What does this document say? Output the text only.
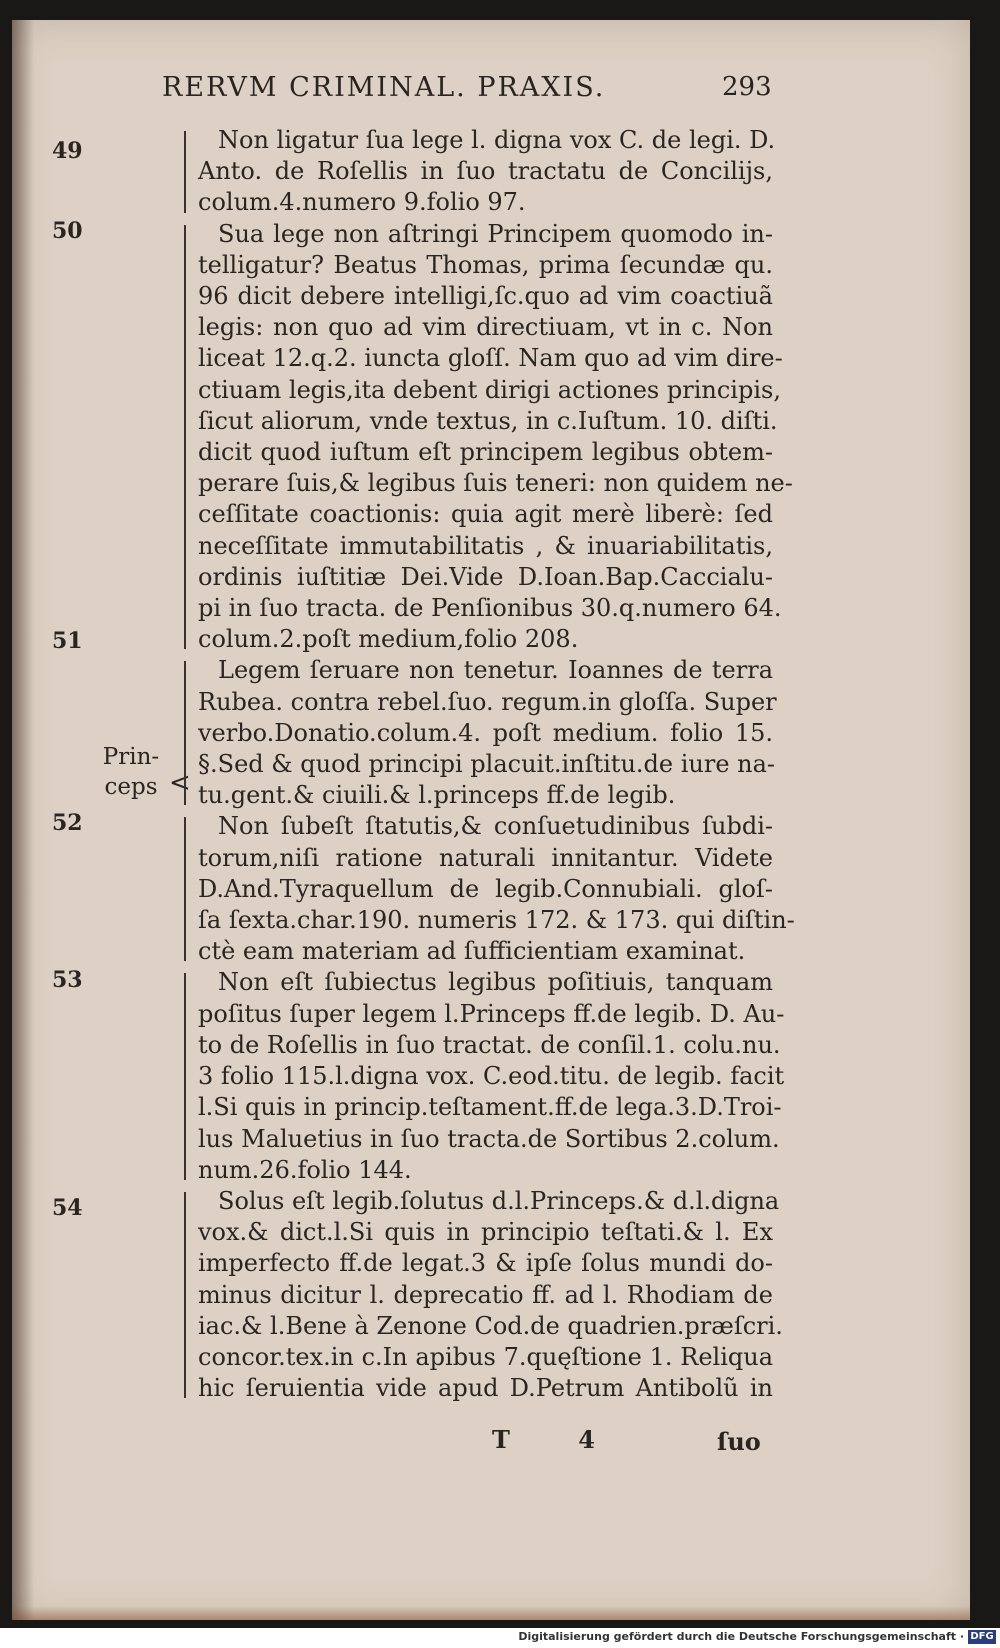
RERVM CRIMINAL. PRAXIS.	293
49
50
51
52
53
54
Prin-
ceps <

Non ligatur ſua lege l. digna vox C. de legi. D.

Anto. de Roſellis in ſuo tractatu de Concilijs,

colum.4.numero 9.folio 97.

Sua lege non aſtringi Principem quomodo in-

telligatur? Beatus Thomas, prima ſecundæ qu.

96 dicit debere intelligi,ſc.quo ad vim coactiuã

legis: non quo ad vim directiuam, vt in c. Non

liceat 12.q.2. iuncta gloſſ. Nam quo ad vim dire-

ctiuam legis,ita debent dirigi actiones principis,

ſicut aliorum, vnde textus, in c.Iuſtum. 10. diſti.

dicit quod iuſtum eſt principem legibus obtem-

perare ſuis,& legibus ſuis teneri: non quidem ne-

ceſſitate coactionis: quia agit merè liberè: ſed

neceſſitate immutabilitatis , & inuariabilitatis,

ordinis iuſtitiæ Dei.Vide D.Ioan.Bap.Caccialu-

pi in ſuo tracta. de Penſionibus 30.q.numero 64.

colum.2.poſt medium,folio 208.

Legem ſeruare non tenetur. Ioannes de terra

Rubea. contra rebel.ſuo. regum.in gloſſa. Super

verbo.Donatio.colum.4. poſt medium. folio 15.

§.Sed & quod principi placuit.inſtitu.de iure na-

tu.gent.& ciuili.& l.princeps ff.de legib.

Non ſubeſt ſtatutis,& conſuetudinibus ſubdi-

torum,niſi ratione naturali innitantur. Videte

D.And.Tyraquellum de legib.Connubiali. gloſ-

ſa ſexta.char.190. numeris 172. & 173. qui diſtin-

ctè eam materiam ad ſufficientiam examinat.

Non eſt ſubiectus legibus poſitiuis, tanquam

poſitus ſuper legem l.Princeps ff.de legib. D. Au-

to de Roſellis in ſuo tractat. de conſil.1. colu.nu.

3 folio 115.l.digna vox. C.eod.titu. de legib. facit

l.Si quis in princip.teſtament.ff.de lega.3.D.Troi-

lus Maluetius in ſuo tracta.de Sortibus 2.colum.

num.26.folio 144.

Solus eſt legib.ſolutus d.l.Princeps.& d.l.digna

vox.& dict.l.Si quis in principio teſtati.& l. Ex

imperfecto ff.de legat.3 & ipſe ſolus mundi do-

minus dicitur l. deprecatio ff. ad l. Rhodiam de

iac.& l.Bene à Zenone Cod.de quadrien.præſcri.

concor.tex.in c.In apibus 7.quęſtione 1. Reliqua

hic ſeruientia vide apud D.Petrum Antibolũ in

T 4	ſuo
Digitalisierung gefördert durch die Deutsche Forschungsgemeinschaft · DFG
